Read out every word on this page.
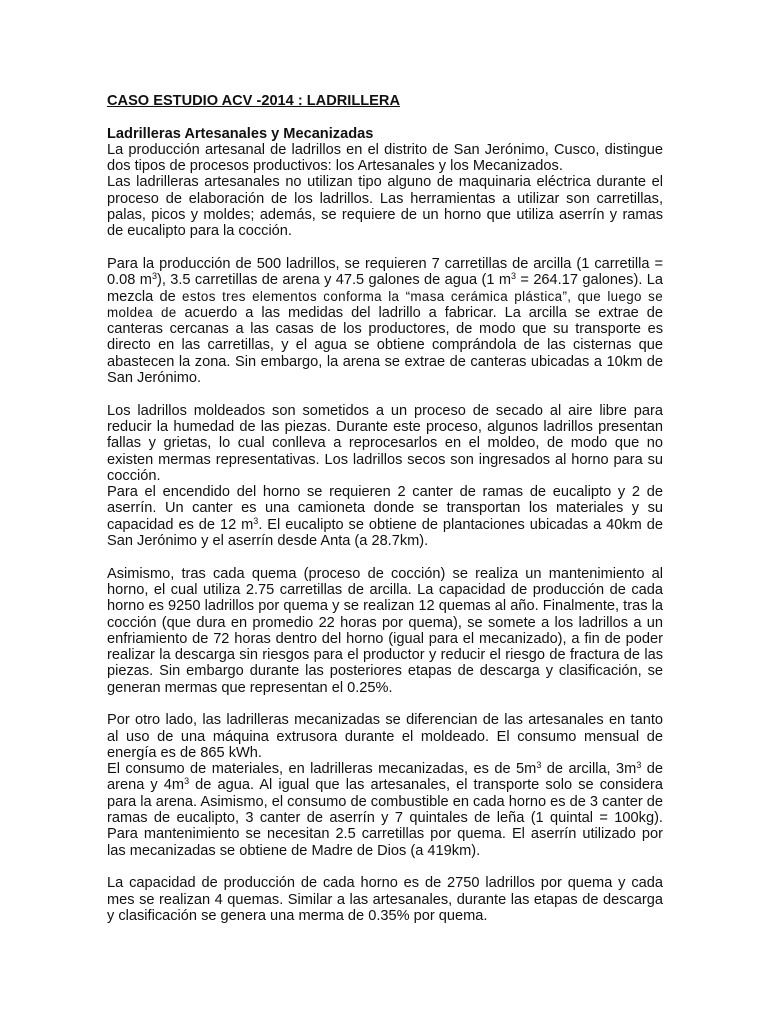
CASO ESTUDIO ACV -2014 : LADRILLERA
Ladrilleras Artesanales y Mecanizadas

La producción artesanal de ladrillos en el distrito de San Jerónimo, Cusco, distingue dos tipos de procesos productivos: los Artesanales y los Mecanizados.

Las ladrilleras artesanales no utilizan tipo alguno de maquinaria eléctrica durante el proceso de elaboración de los ladrillos. Las herramientas a utilizar son carretillas, palas, picos y moldes; además, se requiere de un horno que utiliza aserrín y ramas de eucalipto para la cocción.

Para la producción de 500 ladrillos, se requieren 7 carretillas de arcilla (1 carretilla = 0.08 $m^3$), 3.5 carretillas de arena y 47.5 galones de agua (1 $m^3 = 264.17$ galones). La mezcla de estos tres elementos conforma la “masa cerámica plástica”, que luego se moldea de acuerdo a las medidas del ladrillo a fabricar. La arcilla se extrae de canteras cercanas a las casas de los productores, de modo que su transporte es directo en las carretillas, y el agua se obtiene comprándola de las cisternas que abastecen la zona. Sin embargo, la arena se extrae de canteras ubicadas a 10km de San Jerónimo.

Los ladrillos moldeados son sometidos a un proceso de secado al aire libre para reducir la humedad de las piezas. Durante este proceso, algunos ladrillos presentan fallas y grietas, lo cual conlleva a reprocesarlos en el moldeo, de modo que no existen mermas representativas. Los ladrillos secos son ingresados al horno para su cocción.

Para el encendido del horno se requieren 2 canter de ramas de eucalipto y 2 de aserrín. Un canter es una camioneta donde se transportan los materiales y su capacidad es de 12 $m^3$. El eucalipto se obtiene de plantaciones ubicadas a 40km de San Jerónimo y el aserrín desde Anta (a 28.7km).

Asimismo, tras cada quema (proceso de cocción) se realiza un mantenimiento al horno, el cual utiliza 2.75 carretillas de arcilla. La capacidad de producción de cada horno es 9250 ladrillos por quema y se realizan 12 quemas al año. Finalmente, tras la cocción (que dura en promedio 22 horas por quema), se somete a los ladrillos a un enfriamiento de 72 horas dentro del horno (igual para el mecanizado), a fin de poder realizar la descarga sin riesgos para el productor y reducir el riesgo de fractura de las piezas. Sin embargo durante las posteriores etapas de descarga y clasificación, se generan mermas que representan el 0.25%.

Por otro lado, las ladrilleras mecanizadas se diferencian de las artesanales en tanto al uso de una máquina extrusora durante el moldeado. El consumo mensual de energía es de 865 kWh.

El consumo de materiales, en ladrilleras mecanizadas, es de $5m^3$ de arcilla, $3m^3$ de arena y $4m^3$ de agua. Al igual que las artesanales, el transporte solo se considera para la arena. Asimismo, el consumo de combustible en cada horno es de 3 canter de ramas de eucalipto, 3 canter de aserrín y 7 quintales de leña (1 quintal = 100kg). Para mantenimiento se necesitan 2.5 carretillas por quema. El aserrín utilizado por las mecanizadas se obtiene de Madre de Dios (a 419km).

La capacidad de producción de cada horno es de 2750 ladrillos por quema y cada mes se realizan 4 quemas. Similar a las artesanales, durante las etapas de descarga y clasificación se genera una merma de 0.35% por quema.
